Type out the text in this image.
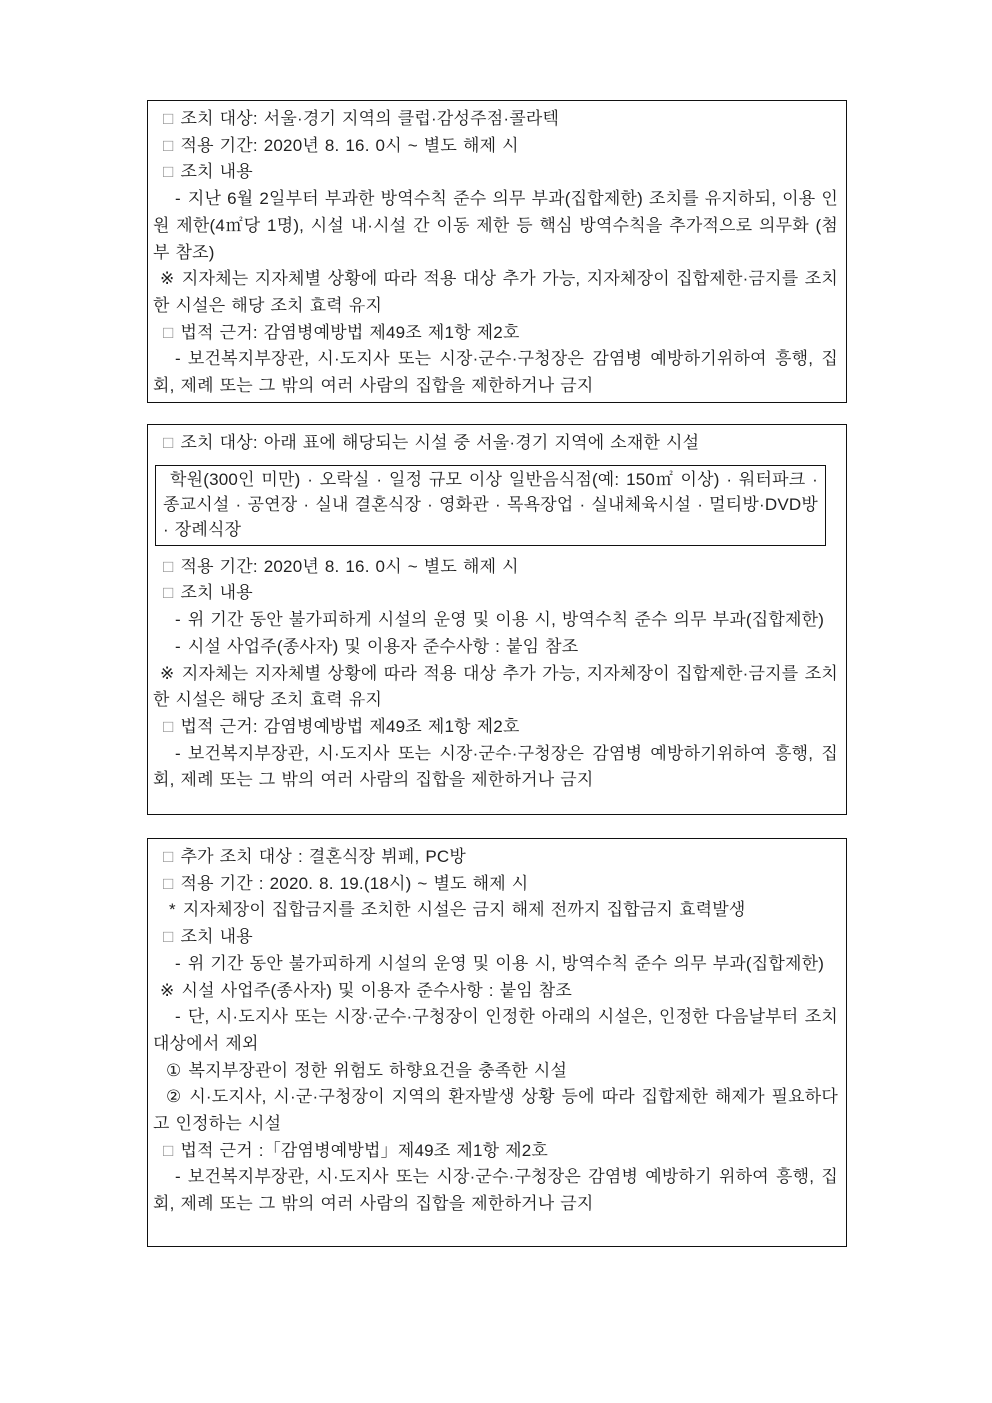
□ 조치 대상: 서울·경기 지역의 클럽·감성주점·콜라텍

□ 적용 기간: 2020년 8. 16. 0시 ~ 별도 해제 시

□ 조치 내용

- 지난 6월 2일부터 부과한 방역수칙 준수 의무 부과(집합제한) 조치를 유지하되, 이용 인원 제한(4㎡당 1명), 시설 내·시설 간 이동 제한 등 핵심 방역수칙을 추가적으로 의무화 (첨부 참조)

※ 지자체는 지자체별 상황에 따라 적용 대상 추가 가능, 지자체장이 집합제한·금지를 조치한 시설은 해당 조치 효력 유지

□ 법적 근거: 감염병예방법 제49조 제1항 제2호

- 보건복지부장관, 시·도지사 또는 시장·군수·구청장은 감염병 예방하기위하여 흥행, 집회, 제례 또는 그 밖의 여러 사람의 집합을 제한하거나 금지

□ 조치 대상: 아래 표에 해당되는 시설 중 서울·경기 지역에 소재한 시설

학원(300인 미만) · 오락실 · 일정 규모 이상 일반음식점(예: 150㎡ 이상) · 워터파크 · 종교시설 · 공연장 · 실내 결혼식장 · 영화관 · 목욕장업 · 실내체육시설 · 멀티방·DVD방 · 장례식장

□ 적용 기간: 2020년 8. 16. 0시 ~ 별도 해제 시

□ 조치 내용

- 위 기간 동안 불가피하게 시설의 운영 및 이용 시, 방역수칙 준수 의무 부과(집합제한)

- 시설 사업주(종사자) 및 이용자 준수사항 : 붙임 참조

※ 지자체는 지자체별 상황에 따라 적용 대상 추가 가능, 지자체장이 집합제한·금지를 조치한 시설은 해당 조치 효력 유지

□ 법적 근거: 감염병예방법 제49조 제1항 제2호

- 보건복지부장관, 시·도지사 또는 시장·군수·구청장은 감염병 예방하기위하여 흥행, 집회, 제례 또는 그 밖의 여러 사람의 집합을 제한하거나 금지

□ 추가 조치 대상 : 결혼식장 뷔페, PC방

□ 적용 기간 : 2020. 8. 19.(18시) ~ 별도 해제 시

* 지자체장이 집합금지를 조치한 시설은 금지 해제 전까지 집합금지 효력발생

□ 조치 내용

- 위 기간 동안 불가피하게 시설의 운영 및 이용 시, 방역수칙 준수 의무 부과(집합제한)

※ 시설 사업주(종사자) 및 이용자 준수사항 : 붙임 참조

- 단, 시·도지사 또는 시장·군수·구청장이 인정한 아래의 시설은, 인정한 다음날부터 조치대상에서 제외

① 복지부장관이 정한 위험도 하향요건을 충족한 시설

② 시·도지사, 시·군·구청장이 지역의 환자발생 상황 등에 따라 집합제한 해제가 필요하다고 인정하는 시설

□ 법적 근거 :「감염병예방법」제49조 제1항 제2호

- 보건복지부장관, 시·도지사 또는 시장·군수·구청장은 감염병 예방하기 위하여 흥행, 집회, 제례 또는 그 밖의 여러 사람의 집합을 제한하거나 금지
